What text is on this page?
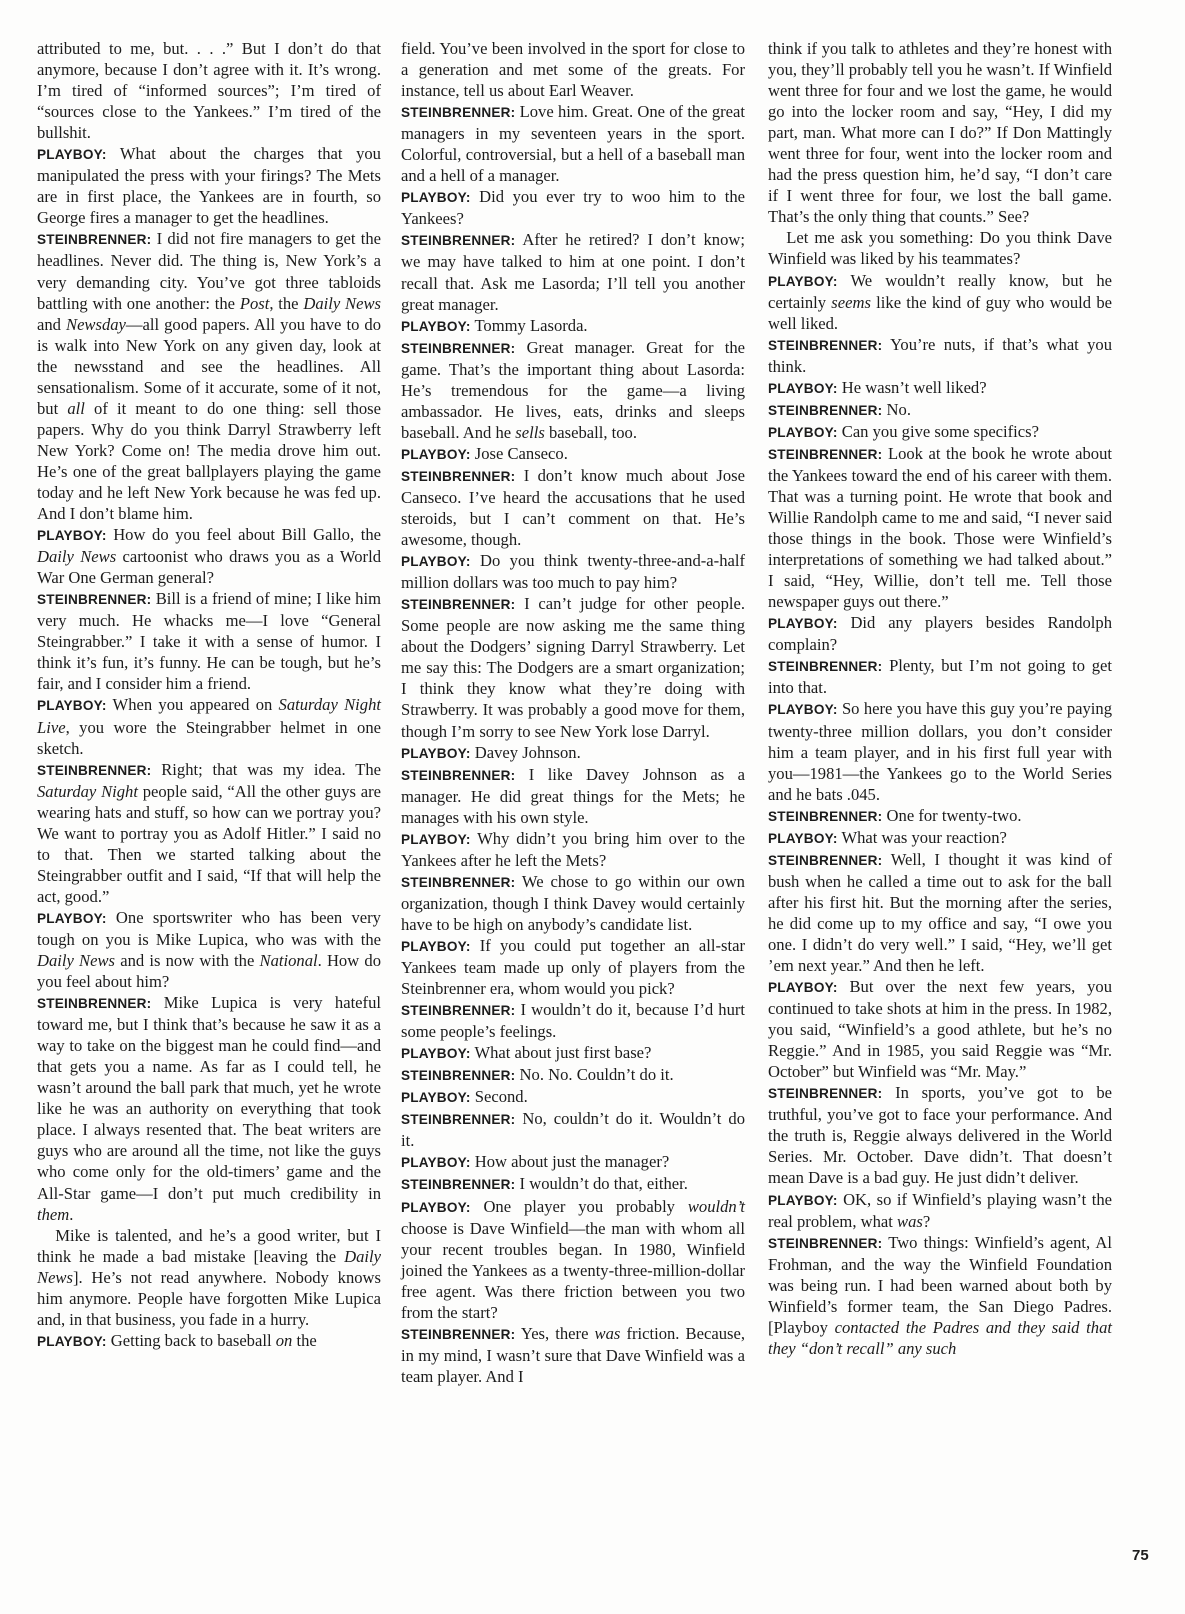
attributed to me, but. . . .” But I don’t do that anymore, because I don’t agree with it. It’s wrong. I’m tired of “informed sources”; I’m tired of “sources close to the Yankees.” I’m tired of the bullshit.

PLAYBOY: What about the charges that you manipulated the press with your firings? The Mets are in first place, the Yankees are in fourth, so George fires a manager to get the headlines.

STEINBRENNER: I did not fire managers to get the headlines. Never did. The thing is, New York’s a very demanding city. You’ve got three tabloids battling with one another: the Post, the Daily News and Newsday—all good papers. All you have to do is walk into New York on any given day, look at the newsstand and see the headlines. All sensationalism. Some of it accurate, some of it not, but all of it meant to do one thing: sell those papers. Why do you think Darryl Strawberry left New York? Come on! The media drove him out. He’s one of the great ballplayers playing the game today and he left New York because he was fed up. And I don’t blame him.

PLAYBOY: How do you feel about Bill Gallo, the Daily News cartoonist who draws you as a World War One German general?

STEINBRENNER: Bill is a friend of mine; I like him very much. He whacks me—I love “General Steingrabber.” I take it with a sense of humor. I think it’s fun, it’s funny. He can be tough, but he’s fair, and I consider him a friend.

PLAYBOY: When you appeared on Saturday Night Live, you wore the Steingrabber helmet in one sketch.

STEINBRENNER: Right; that was my idea. The Saturday Night people said, “All the other guys are wearing hats and stuff, so how can we portray you? We want to portray you as Adolf Hitler.” I said no to that. Then we started talking about the Steingrabber outfit and I said, “If that will help the act, good.”

PLAYBOY: One sportswriter who has been very tough on you is Mike Lupica, who was with the Daily News and is now with the National. How do you feel about him?

STEINBRENNER: Mike Lupica is very hateful toward me, but I think that’s because he saw it as a way to take on the biggest man he could find—and that gets you a name. As far as I could tell, he wasn’t around the ball park that much, yet he wrote like he was an authority on everything that took place. I always resented that. The beat writers are guys who are around all the time, not like the guys who come only for the old-timers’ game and the All-Star game—I don’t put much credibility in them.

Mike is talented, and he’s a good writer, but I think he made a bad mistake [leaving the Daily News]. He’s not read anywhere. Nobody knows him anymore. People have forgotten Mike Lupica and, in that business, you fade in a hurry.

PLAYBOY: Getting back to baseball on the

field. You’ve been involved in the sport for close to a generation and met some of the greats. For instance, tell us about Earl Weaver.

STEINBRENNER: Love him. Great. One of the great managers in my seventeen years in the sport. Colorful, controversial, but a hell of a baseball man and a hell of a manager.

PLAYBOY: Did you ever try to woo him to the Yankees?

STEINBRENNER: After he retired? I don’t know; we may have talked to him at one point. I don’t recall that. Ask me Lasorda; I’ll tell you another great manager.

PLAYBOY: Tommy Lasorda.

STEINBRENNER: Great manager. Great for the game. That’s the important thing about Lasorda: He’s tremendous for the game—a living ambassador. He lives, eats, drinks and sleeps baseball. And he sells baseball, too.

PLAYBOY: Jose Canseco.

STEINBRENNER: I don’t know much about Jose Canseco. I’ve heard the accusations that he used steroids, but I can’t comment on that. He’s awesome, though.

PLAYBOY: Do you think twenty-three-and-a-half million dollars was too much to pay him?

STEINBRENNER: I can’t judge for other people. Some people are now asking me the same thing about the Dodgers’ signing Darryl Strawberry. Let me say this: The Dodgers are a smart organization; I think they know what they’re doing with Strawberry. It was probably a good move for them, though I’m sorry to see New York lose Darryl.

PLAYBOY: Davey Johnson.

STEINBRENNER: I like Davey Johnson as a manager. He did great things for the Mets; he manages with his own style.

PLAYBOY: Why didn’t you bring him over to the Yankees after he left the Mets?

STEINBRENNER: We chose to go within our own organization, though I think Davey would certainly have to be high on anybody’s candidate list.

PLAYBOY: If you could put together an all-star Yankees team made up only of players from the Steinbrenner era, whom would you pick?

STEINBRENNER: I wouldn’t do it, because I’d hurt some people’s feelings.

PLAYBOY: What about just first base?

STEINBRENNER: No. No. Couldn’t do it.

PLAYBOY: Second.

STEINBRENNER: No, couldn’t do it. Wouldn’t do it.

PLAYBOY: How about just the manager?

STEINBRENNER: I wouldn’t do that, either.

PLAYBOY: One player you probably wouldn’t choose is Dave Winfield—the man with whom all your recent troubles began. In 1980, Winfield joined the Yankees as a twenty-three-million-dollar free agent. Was there friction between you two from the start?

STEINBRENNER: Yes, there was friction. Because, in my mind, I wasn’t sure that Dave Winfield was a team player. And I

think if you talk to athletes and they’re honest with you, they’ll probably tell you he wasn’t. If Winfield went three for four and we lost the game, he would go into the locker room and say, “Hey, I did my part, man. What more can I do?” If Don Mattingly went three for four, went into the locker room and had the press question him, he’d say, “I don’t care if I went three for four, we lost the ball game. That’s the only thing that counts.” See?

Let me ask you something: Do you think Dave Winfield was liked by his teammates?

PLAYBOY: We wouldn’t really know, but he certainly seems like the kind of guy who would be well liked.

STEINBRENNER: You’re nuts, if that’s what you think.

PLAYBOY: He wasn’t well liked?

STEINBRENNER: No.

PLAYBOY: Can you give some specifics?

STEINBRENNER: Look at the book he wrote about the Yankees toward the end of his career with them. That was a turning point. He wrote that book and Willie Randolph came to me and said, “I never said those things in the book. Those were Winfield’s interpretations of something we had talked about.” I said, “Hey, Willie, don’t tell me. Tell those newspaper guys out there.”

PLAYBOY: Did any players besides Randolph complain?

STEINBRENNER: Plenty, but I’m not going to get into that.

PLAYBOY: So here you have this guy you’re paying twenty-three million dollars, you don’t consider him a team player, and in his first full year with you—1981—the Yankees go to the World Series and he bats .045.

STEINBRENNER: One for twenty-two.

PLAYBOY: What was your reaction?

STEINBRENNER: Well, I thought it was kind of bush when he called a time out to ask for the ball after his first hit. But the morning after the series, he did come up to my office and say, “I owe you one. I didn’t do very well.” I said, “Hey, we’ll get ’em next year.” And then he left.

PLAYBOY: But over the next few years, you continued to take shots at him in the press. In 1982, you said, “Winfield’s a good athlete, but he’s no Reggie.” And in 1985, you said Reggie was “Mr. October” but Winfield was “Mr. May.”

STEINBRENNER: In sports, you’ve got to be truthful, you’ve got to face your performance. And the truth is, Reggie always delivered in the World Series. Mr. October. Dave didn’t. That doesn’t mean Dave is a bad guy. He just didn’t deliver.

PLAYBOY: OK, so if Winfield’s playing wasn’t the real problem, what was?

STEINBRENNER: Two things: Winfield’s agent, Al Frohman, and the way the Winfield Foundation was being run. I had been warned about both by Winfield’s former team, the San Diego Padres. [Playboy contacted the Padres and they said that they “don’t recall” any such

75
